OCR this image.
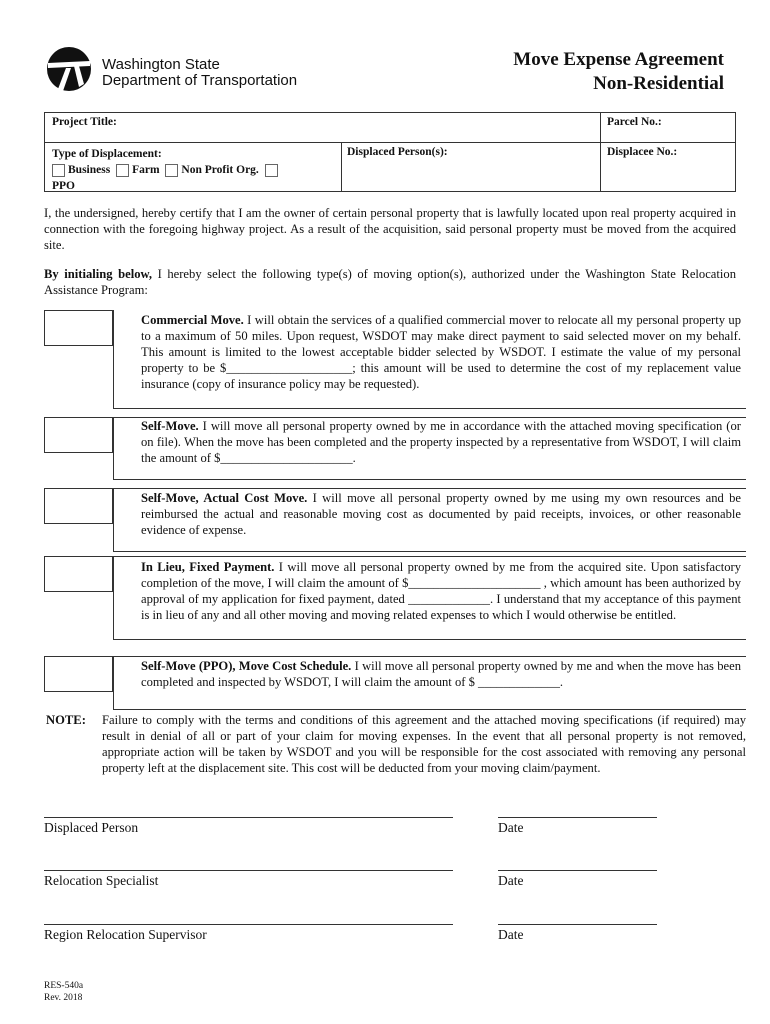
Washington State
Department of Transportation
Move Expense Agreement
Non-Residential
Project Title:	Parcel No.:
Type of Displacement:
Business Farm Non Profit Org.
PPO
Displaced Person(s):	Displacee No.:
I, the undersigned, hereby certify that I am the owner of certain personal property that is lawfully located upon real property acquired in connection with the foregoing highway project. As a result of the acquisition, said personal property must be moved from the acquired site.
By initialing below, I hereby select the following type(s) of moving option(s), authorized under the Washington State Relocation Assistance Program:
Commercial Move. I will obtain the services of a qualified commercial mover to relocate all my personal property up to a maximum of 50 miles. Upon request, WSDOT may make direct payment to said selected mover on my behalf. This amount is limited to the lowest acceptable bidder selected by WSDOT. I estimate the value of my personal property to be $____________________; this amount will be used to determine the cost of my replacement value insurance (copy of insurance policy may be requested).
Self-Move. I will move all personal property owned by me in accordance with the attached moving specification (or on file). When the move has been completed and the property inspected by a representative from WSDOT, I will claim the amount of $_____________________.
Self-Move, Actual Cost Move. I will move all personal property owned by me using my own resources and be reimbursed the actual and reasonable moving cost as documented by paid receipts, invoices, or other reasonable evidence of expense.
In Lieu, Fixed Payment. I will move all personal property owned by me from the acquired site. Upon satisfactory completion of the move, I will claim the amount of $_____________________ , which amount has been authorized by approval of my application for fixed payment, dated _____________. I understand that my acceptance of this payment is in lieu of any and all other moving and moving related expenses to which I would otherwise be entitled.
Self-Move (PPO), Move Cost Schedule. I will move all personal property owned by me and when the move has been completed and inspected by WSDOT, I will claim the amount of $ _____________.
NOTE: Failure to comply with the terms and conditions of this agreement and the attached moving specifications (if required) may result in denial of all or part of your claim for moving expenses. In the event that all personal property is not removed, appropriate action will be taken by WSDOT and you will be responsible for the cost associated with removing any personal property left at the displacement site. This cost will be deducted from your moving claim/payment.
Displaced Person	Date
Relocation Specialist	Date
Region Relocation Supervisor	Date
RES-540a
Rev. 2018
